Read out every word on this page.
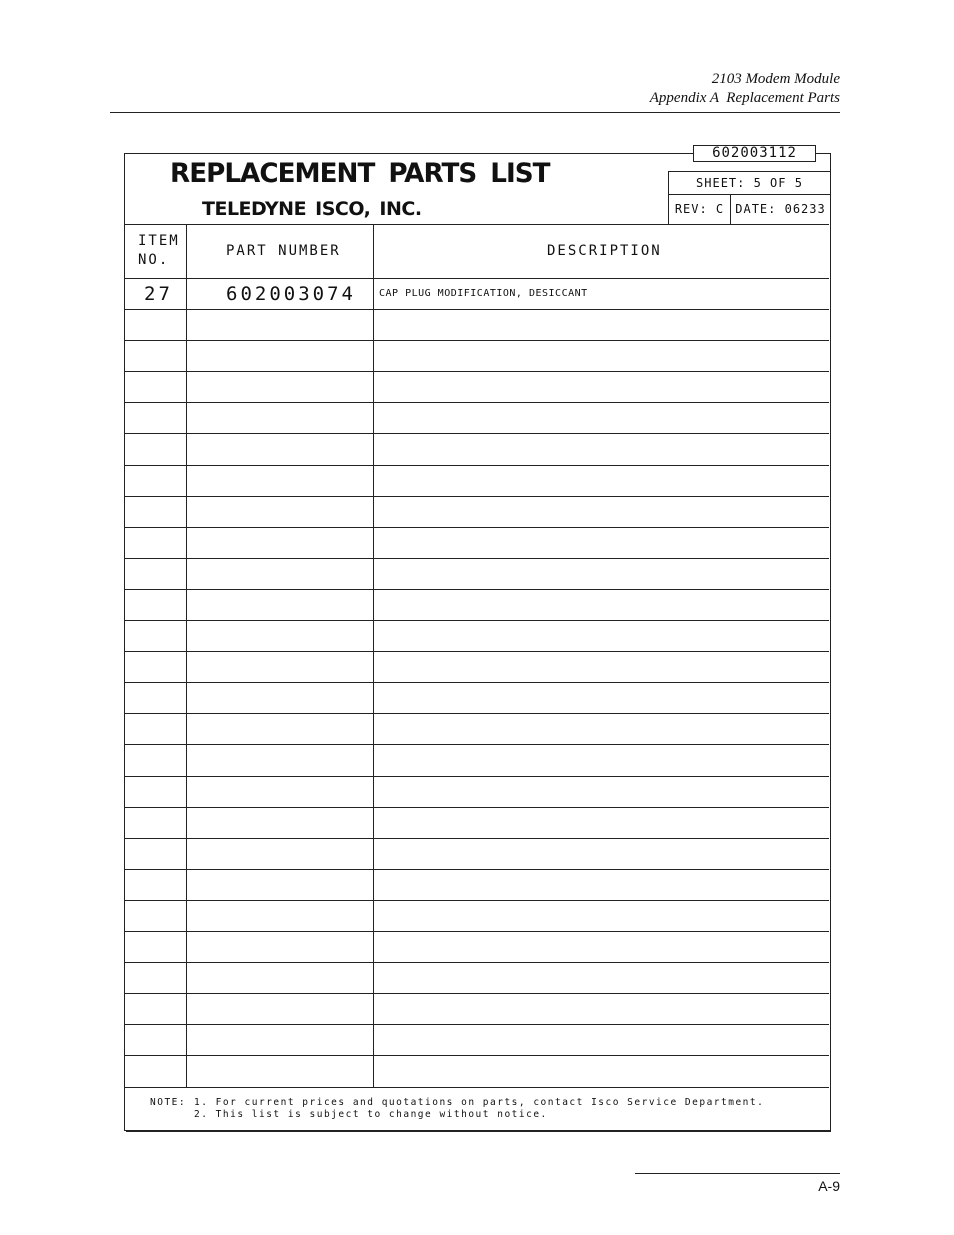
2103 Modem Module
Appendix A  Replacement Parts
602003112
REPLACEMENT PARTS LIST
TELEDYNE ISCO, INC.
SHEET: 5 OF 5
REV: C DATE: 06233
ITEM
NO.
PART NUMBER	DESCRIPTION
27	602003074 CAP PLUG MODIFICATION, DESICCANT
NOTE: 1. For current prices and quotations on parts, contact Isco Service Department.
2. This list is subject to change without notice.
A-9
